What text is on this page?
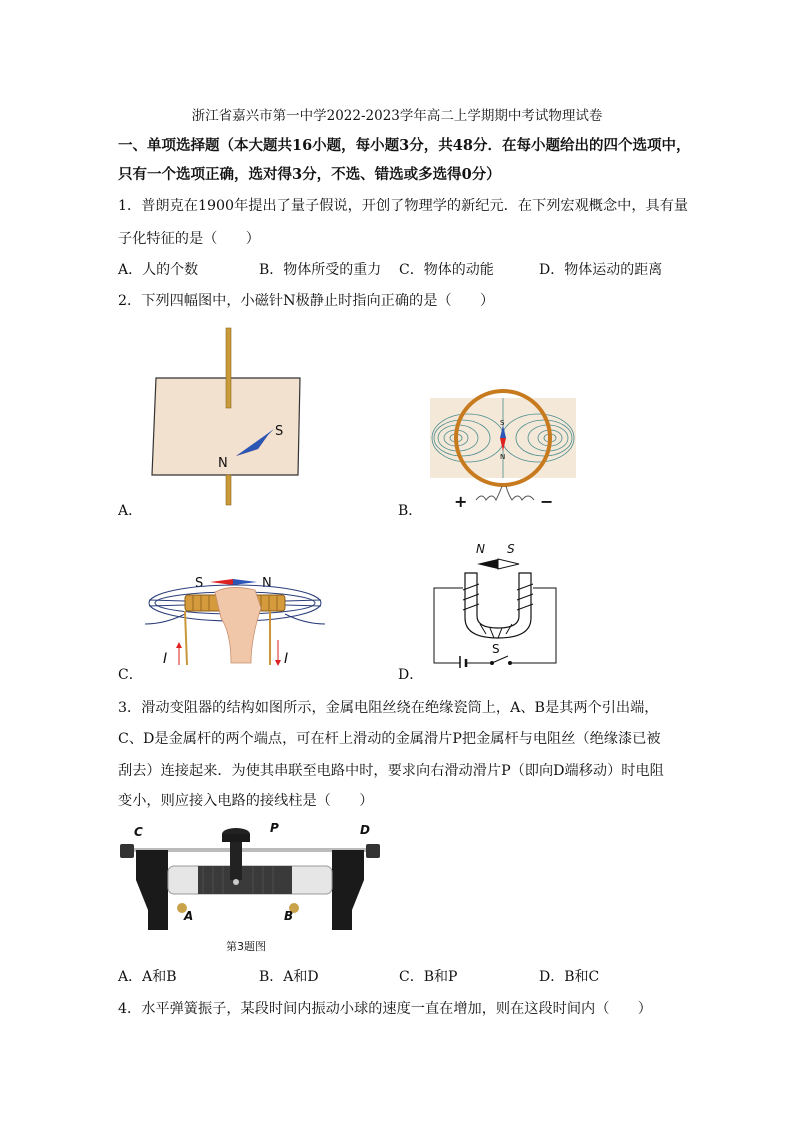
浙江省嘉兴市第一中学2022-2023学年高二上学期期中考试物理试卷
一、单项选择题（本大题共16小题，每小题3分，共48分．在每小题给出的四个选项中，
只有一个选项正确，选对得3分，不选、错选或多选得0分）
1．普朗克在1900年提出了量子假说，开创了物理学的新纪元．在下列宏观概念中，具有量
子化特征的是（　　）
A．人的个数	B．物体所受的重力 C．物体的动能	D．物体运动的距离
2．下列四幅图中，小磁针N极静止时指向正确的是（　　）
N
S
A．
S
N
+	−
B．
S	N
I	I
C．
N S
S
D．
3．滑动变阻器的结构如图所示，金属电阻丝绕在绝缘瓷筒上，A、B是其两个引出端，
C、D是金属杆的两个端点，可在杆上滑动的金属滑片P把金属杆与电阻丝（绝缘漆已被
刮去）连接起来．为使其串联至电路中时，要求向右滑动滑片P（即向D端移动）时电阻
变小，则应接入电路的接线柱是（　　）
C	P	D
A	B
第3题图
A．A和B	B．A和D	C．B和P	D．B和C
4．水平弹簧振子，某段时间内振动小球的速度一直在增加，则在这段时间内（　　）
